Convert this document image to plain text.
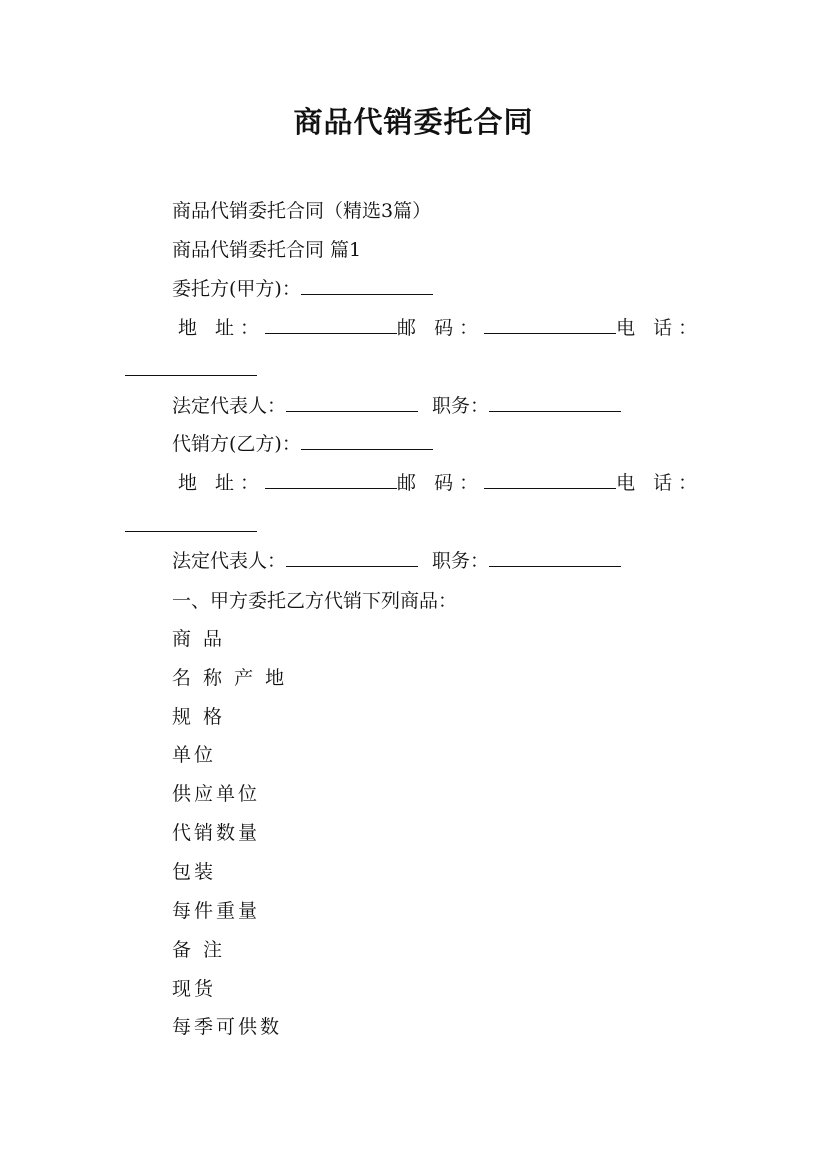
商品代销委托合同
商品代销委托合同（精选3篇）
商品代销委托合同 篇1
委托方(甲方)：
地 址：	邮 码：	电 话：
法定代表人：	职务：
代销方(乙方)：
地 址：	邮 码：	电 话：
法定代表人：	职务：
一、甲方委托乙方代销下列商品：
商 品
名 称 产 地
规 格
单位
供应单位
代销数量
包装
每件重量
备 注
现货
每季可供数
